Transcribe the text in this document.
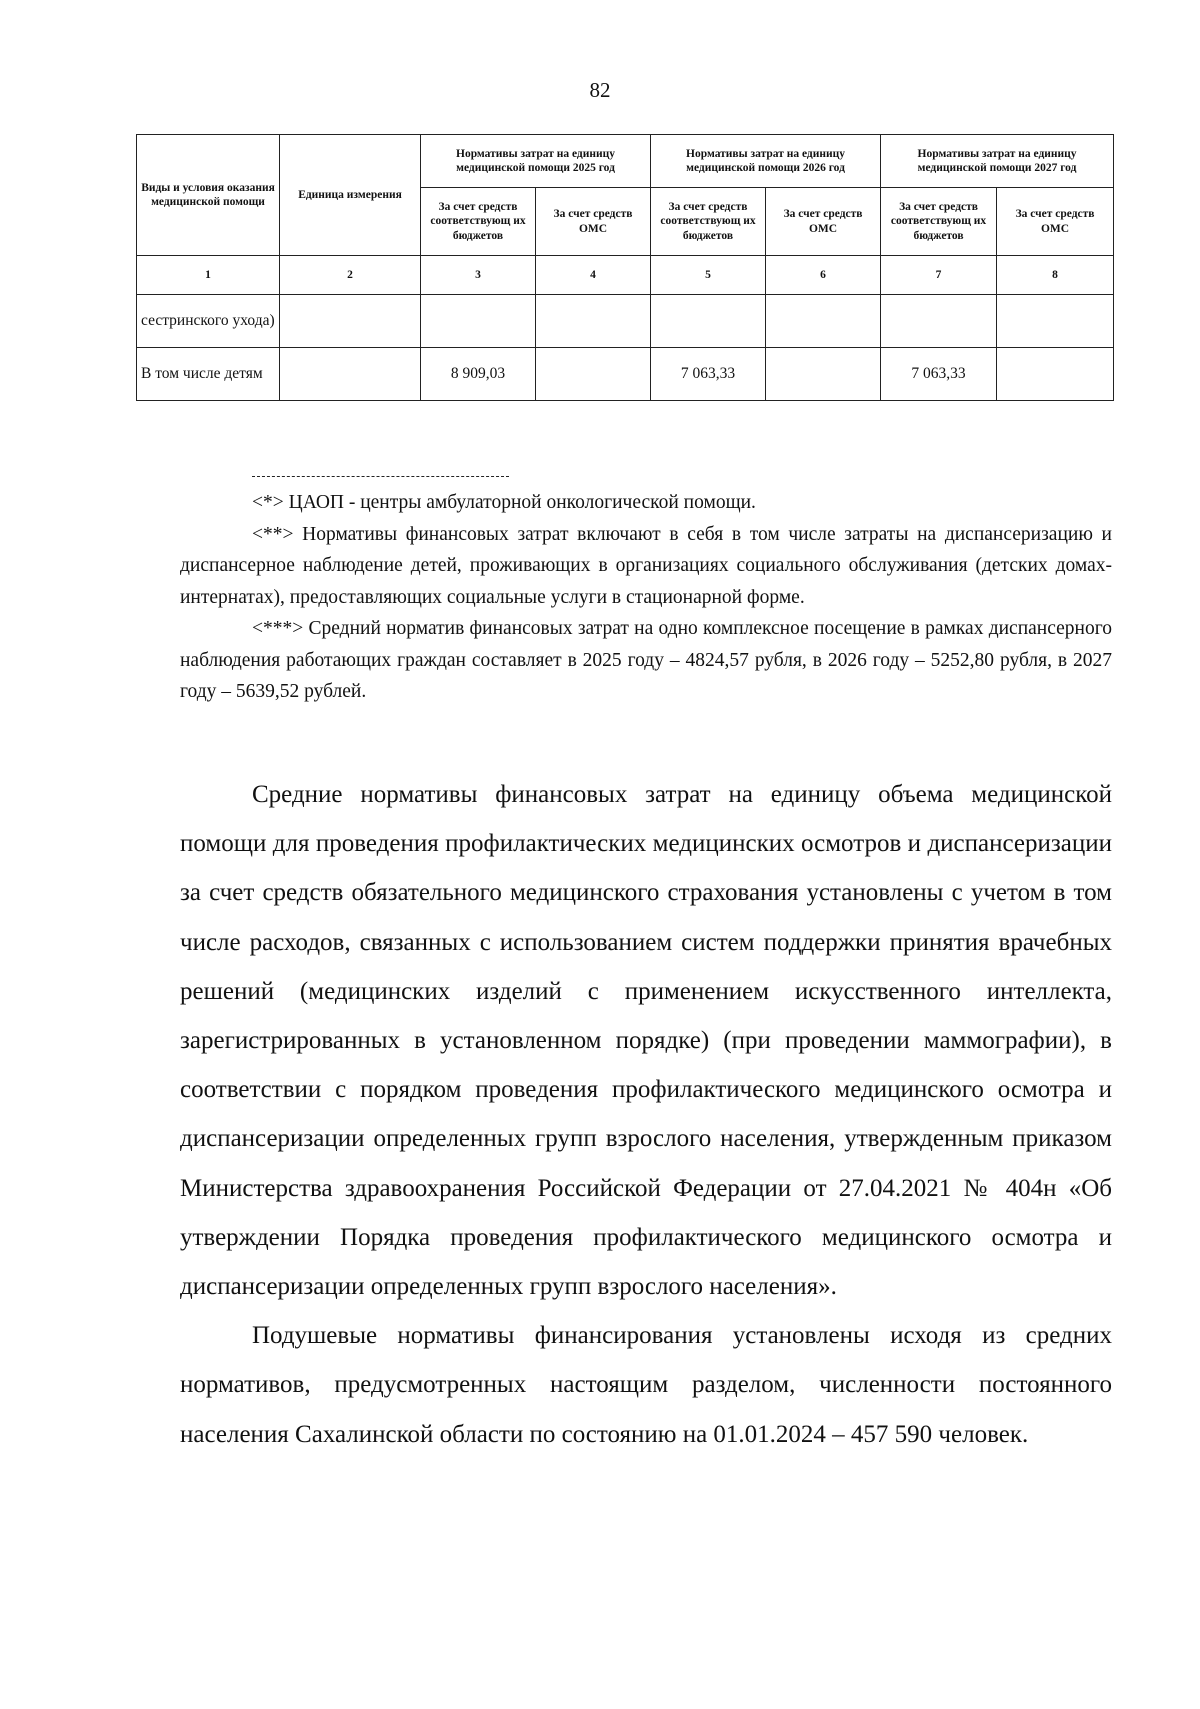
82
Виды и условия оказания медицинской помощи	Единица измерения	Нормативы затрат на единицу медицинской помощи 2025 год		Нормативы затрат на единицу медицинской помощи 2026 год		Нормативы затрат на единицу медицинской помощи 2027 год	
		За счет средств соответствующ их бюджетов	За счет средств ОМС	За счет средств соответствующ их бюджетов	За счет средств ОМС	За счет средств соответствующ их бюджетов	За счет средств ОМС
1	2	3	4	5	6	7	8
сестринского ухода)							
В том числе детям		8 909,03		7 063,33		7 063,33	

<*> ЦАОП - центры амбулаторной онкологической помощи.

<**> Нормативы финансовых затрат включают в себя в том числе затраты на диспансеризацию и диспансерное наблюдение детей, проживающих в организациях социального обслуживания (детских домах-интернатах), предоставляющих социальные услуги в стационарной форме.

<***> Средний норматив финансовых затрат на одно комплексное посещение в рамках диспансерного наблюдения работающих граждан составляет в 2025 году – 4824,57 рубля, в 2026 году – 5252,80 рубля, в 2027 году – 5639,52 рублей.

Средние нормативы финансовых затрат на единицу объема медицинской помощи для проведения профилактических медицинских осмотров и диспансеризации за счет средств обязательного медицинского страхования установлены с учетом в том числе расходов, связанных с использованием систем поддержки принятия врачебных решений (медицинских изделий с применением искусственного интеллекта, зарегистрированных в установленном порядке) (при проведении маммографии), в соответствии с порядком проведения профилактического медицинского осмотра и диспансеризации определенных групп взрослого населения, утвержденным приказом Министерства здравоохранения Российской Федерации от 27.04.2021 № 404н «Об утверждении Порядка проведения профилактического медицинского осмотра и диспансеризации определенных групп взрослого населения».

Подушевые нормативы финансирования установлены исходя из средних нормативов, предусмотренных настоящим разделом, численности постоянного населения Сахалинской области по состоянию на 01.01.2024 – 457 590 человек.
